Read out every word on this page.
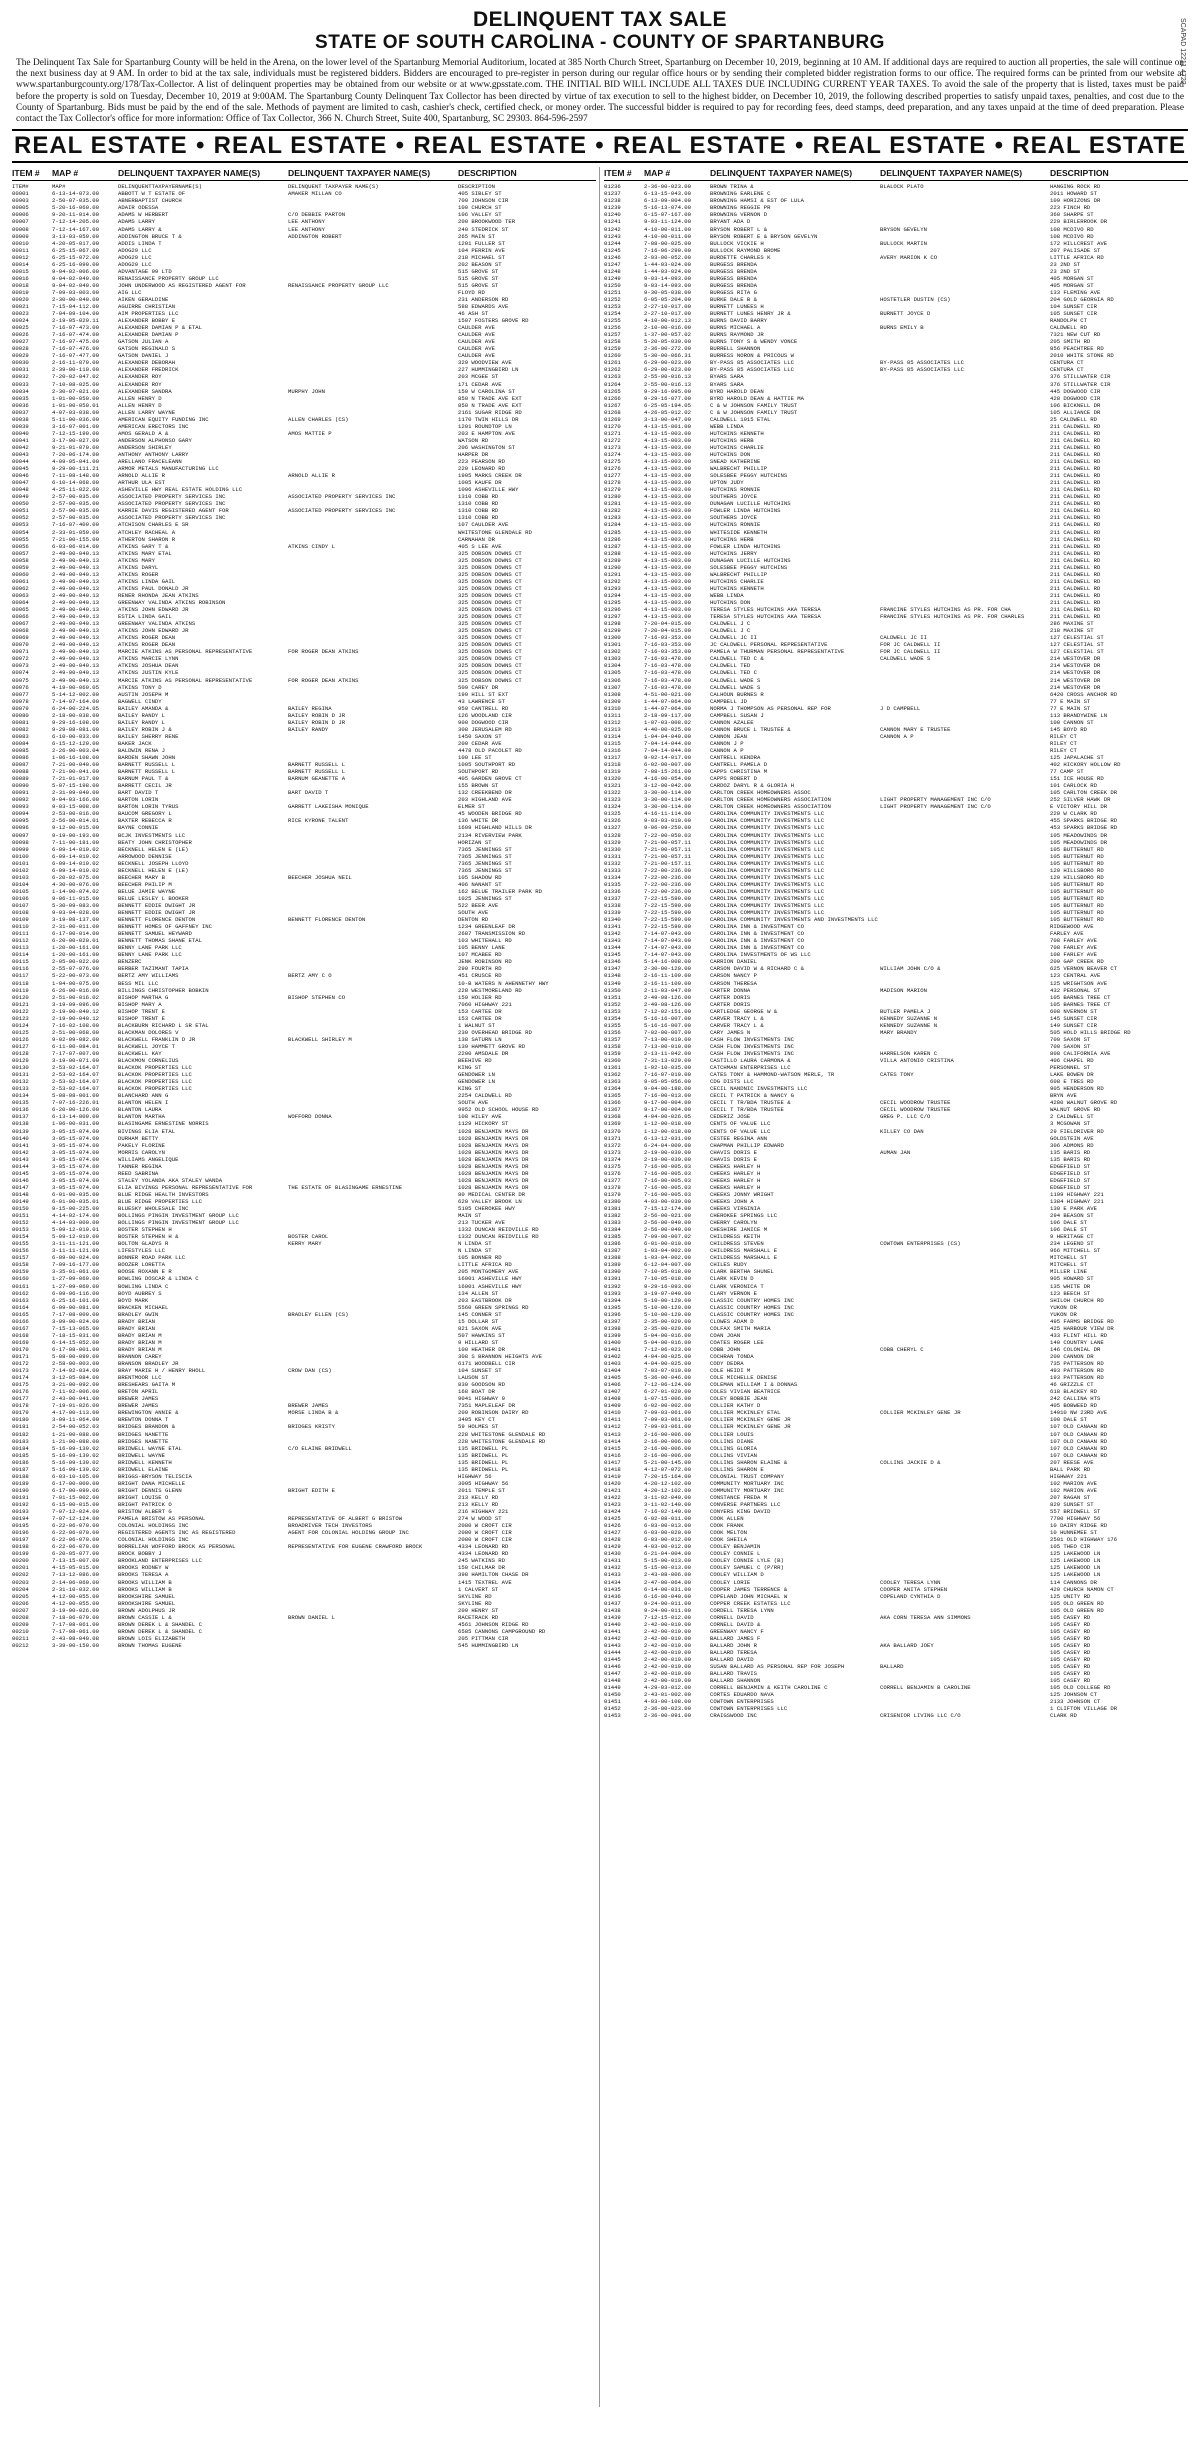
SCAPAD 12211 4722
DELINQUENT TAX SALE
STATE OF SOUTH CAROLINA - COUNTY OF SPARTANBURG

The Delinquent Tax Sale for Spartanburg County will be held in the Arena, on the lower level of the Spartanburg Memorial Auditorium, located at 385 North Church Street, Spartanburg on December 10, 2019, beginning at 10 AM. If additional days are required to auction all properties, the sale will continue on the next business day at 9 AM. In order to bid at the tax sale, individuals must be registered bidders. Bidders are encouraged to pre-register in person during our regular office hours or by sending their completed bidder registration forms to our office. The required forms can be printed from our website at www.spartanburgcounty.org/178/Tax-Collector. A list of delinquent properties may be obtained from our website or at www.gpsstate.com. THE INITIAL BID WILL INCLUDE ALL TAXES DUE INCLUDING CURRENT YEAR TAXES. To avoid the sale of the property that is listed, taxes must be paid before the property is sold on Tuesday, December 10, 2019 at 9:00AM. The Spartanburg County Delinquent Tax Collector has been directed by virtue of tax execution to sell to the highest bidder, on December 10, 2019, the following described properties to satisfy unpaid taxes, penalties, and cost due to the County of Spartanburg. Bids must be paid by the end of the sale. Methods of payment are limited to cash, cashier's check, certified check, or money order. The successful bidder is required to pay for recording fees, deed stamps, deed preparation, and any taxes unpaid at the time of deed preparation. Please contact the Tax Collector's office for more information: Office of Tax Collector, 366 N. Church Street, Suite 400, Spartanburg, SC 29303. 864-596-2597

REAL ESTATE • REAL ESTATE • REAL ESTATE • REAL ESTATE • REAL ESTATE • REAL ESTATE
ITEM #	MAP #	DELINQUENT TAXPAYER NAME(S)	DELINQUENT TAXPAYER NAME(S)	DESCRIPTION
ITEM#	MAP#	DELINQUENTTAXPAYERNAME(S)	DELINQUENT TAXPAYER NAME(S)	DESCRIPTION
00001	6-13-14-073.00	ABBOTT W T ESTATE OF	AMAKER MILLAN CO	405 SIBLEY ST
00003	2-50-07-035.00	ABNERBAPTIST CHURCH	700 JOHNSON CIR
00005	5-20-16-060.00	ADAIR ODESSA	100 CHURCH ST
00006	9-20-11-014.00	ADAMS W HERBERT	C/O DEBBIE PARTON	106 VALLEY ST
00007	7-12-14-205.00	ADAMS LARRY	LEE ANTHONY	200 BROOKWOOD TER
00008	7-12-14-167.00	ADAMS LARRY &	LEE ANTHONY	240 STEDRICK ST
00009	3-13-03-059.00	ADDINGTON BRUCE T &	ADDINGTON ROBERT	265 MAIN ST
00010	4-20-05-017.00	ADDIS LINDA T	1201 FULLER ST
00011	6-25-15-067.00	ADOG29 LLC	104 PERRIN AVE
00012	6-25-15-072.00	ADOG29 LLC	218 MICHAEL ST
00014	6-25-16-099.00	ADOG29 LLC	202 BEASON ST
00015	9-04-02-006.00	ADVANTAGE 99 LTD	515 GROVE ST
00016	9-04-02-049.00	RENAISSANCE PROPERTY GROUP LLC	515 GROVE ST
00018	9-04-02-049.00	JOHN UNDERWOOD AS REGISTERED AGENT FOR	RENAISSANCE PROPERTY GROUP LLC	515 GROVE ST
00019	7-09-03-003.00	AIG LLC	FLOYD RD
00020	2-30-00-040.00	AIKEN GERALDINE	231 ANDERSON RD
00021	7-15-04-112.00	AGUIRRE CHRISTIAN	588 EDWARDS AVE
00023	7-04-09-104.00	AIM PROPERTIES LLC	46 ASH ST
00024	2-19-05-029.11	ALEXANDER BOBBY E	1507 FOSTERS GROVE RD
00025	7-16-07-473.00	ALEXANDER DAMIAN P & ETAL	CAULDER AVE
00026	7-16-07-474.00	ALEXANDER DAMIAN P	CAULDER AVE
00027	7-16-07-475.00	GATSON JULIAN A	CAULDER AVE
00028	7-16-07-476.00	GATSON REGINALD S	CAULDER AVE
00029	7-16-07-477.00	GATSON DANIEL J	CAULDER AVE
00030	2-16-11-079.00	ALEXANDER DEBORAH	329 WOODVIEW AVE
00031	2-39-00-110.00	ALEXANDER FREDRICK	227 HUMMINGBIRD LN
00032	7-20-02-047.02	ALEXANDER ROY	203 MCGEE ST
00033	7-10-08-025.00	ALEXANDER ROY	171 CEDAR AVE
00034	2-30-07-021.00	ALEXANDER SANDRA	MURPHY JOHN	150 W CAROLINA ST
00035	1-01-00-050.00	ALLEN HENRY D	850 N TRADE AVE EXT
00036	1-01-00-050.01	ALLEN HENRY D	850 N TRADE AVE EXT
00037	4-07-03-038.00	ALLEN LARRY WAYNE	2161 SUGAR RIDGE RD
00038	5-11-00-036.00	AMERICAN EQUITY FUNDING INC	ALLEN CHARLES (CS)	1170 TWIN HILLS DR
00039	3-16-07-001.00	AMERICAN ERECTORS INC	1201 ROUNDTOP LN
00040	7-12-15-199.00	AMOS GERALD A &	AMOS MATTIE P	203 E HAMPTON AVE
00041	3-17-00-027.00	ANDERSON ALPHONSO GARY	WATSON RD
00042	9-21-01-070.00	ANDERSON SHIRLEY	206 WASHINGTON ST
00043	7-20-06-174.00	ANTHONY ANTHONY LARRY	HARPER DR
00044	4-09-05-041.00	ARELLANO FRACELEANN	223 PEARSON RD
00045	9-29-00-111.21	ARMOR METALS MANUFACTURING LLC	220 LEONARD RD
00046	7-11-08-148.00	ARNOLD ALLIE R	ARNOLD ALLIE R	1905 MARKS CREEK DR
00047	6-10-14-068.00	ARTHUR ULA EST	1005 KAUFE DR
00048	4-25-11-022.00	ASHEVILLE HWY REAL ESTATE HOLDING LLC	1006 ASHEVILLE HWY
00049	2-57-00-035.00	ASSOCIATED PROPERTY SERVICES INC	ASSOCIATED PROPERTY SERVICES INC	1310 COBB RD
00050	2-57-00-035.00	ASSOCIATED PROPERTY SERVICES INC	1310 COBB RD
00051	2-57-00-035.00	KARRIE DAVIS REGISTERED AGENT FOR	ASSOCIATED PROPERTY SERVICES INC	1310 COBB RD
00052	2-57-00-035.00	ASSOCIATED PROPERTY SERVICES INC	1310 COBB RD
00053	7-16-07-409.00	ATCHISON CHARLES E SR	107 CAULDER AVE
00054	2-33-01-059.00	ATCHLEY RACHEAL A	WHITESTONE GLENDALE RD
00055	7-21-00-155.00	ATHERTON SHARON R	CARNAHAN DR
00056	6-03-06-014.00	ATKINS GARY T &	ATKINS CINDY L	405 S LEE AVE
00057	2-49-00-040.13	ATKINS MARY ETAL	325 DOBSON DOWNS CT
00058	2-49-00-040.13	ATKINS MARY	325 DOBSON DOWNS CT
00059	2-49-00-040.13	ATKINS DARYL	325 DOBSON DOWNS CT
00060	2-49-00-040.13	ATKINS ROGER	325 DOBSON DOWNS CT
00061	2-49-00-040.13	ATKINS LINDA GAIL	325 DOBSON DOWNS CT
00062	2-49-00-040.13	ATKINS PAUL DONALD JR	325 DOBSON DOWNS CT
00063	2-49-00-040.13	RENER RHONDA JEAN ATKINS	325 DOBSON DOWNS CT
00064	2-49-00-040.13	GREENWAY VALINDA ATKINS ROBINSON	325 DOBSON DOWNS CT
00065	2-49-00-040.13	ATKINS JOHN EDWARD JR	325 DOBSON DOWNS CT
00066	2-49-00-040.13	ESTIA LINDA GAIL	325 DOBSON DOWNS CT
00067	2-49-00-040.13	GREENWAY VALINDA ATKINS	325 DOBSON DOWNS CT
00068	2-49-00-040.13	ATKINS JOHN EDWARD JR	325 DOBSON DOWNS CT
00069	2-49-00-040.13	ATKINS ROGER DEAN	325 DOBSON DOWNS CT
00070	2-49-00-040.13	ATKINS ROGER DEAN	325 DOBSON DOWNS CT
00071	2-49-00-040.13	MARCIE ATKINS AS PERSONAL REPRESENTATIVE	FOR ROGER DEAN ATKINS	325 DOBSON DOWNS CT
00072	2-49-00-040.13	ATKINS MARCIE LYNN	325 DOBSON DOWNS CT
00073	2-49-00-040.13	ATKINS JOSHUA DEAN	325 DOBSON DOWNS CT
00074	2-49-00-040.13	ATKINS JUSTIN KYLE	325 DOBSON DOWNS CT
00075	2-49-00-040.13	MARCIE ATKINS AS PERSONAL REPRESENTATIVE	FOR ROGER DEAN ATKINS	325 DOBSON DOWNS CT
00076	4-19-00-069.05	ATKINS TONY D	509 CAREY DR
00077	5-14-12-002.00	AUSTIN JOSEPH M	199 HILL ST EXT
00078	7-14-07-164.00	BAGWELL CINDY	43 LAWRENCE ST
00079	6-24-00-224.05	BAILEY AMANDA &	BAILEY REGINA	950 CANTRELL RD
00080	2-18-00-038.00	BAILEY RANDY L	BAILEY ROBIN D JR	126 WOODLAND CIR
00081	9-29-16-108.00	BAILEY RANDY L	BAILEY ROBIN D JR	900 DOGWOOD CIR
00082	9-29-08-081.00	BAILEY ROBIN J &	BAILEY RANDY	308 JERUSALEM RD
00083	6-10-00-033.00	BAILEY SHERRY RENE	1450 SAXON ST
00084	6-15-12-129.00	BAKER JACK	200 CEDAR AVE
00085	2-26-00-003.04	BALDWIN RENA J	4478 OLD PACOLET RD
00086	1-06-16-108.00	BARDEN SHAWN JOHN	100 LEE ST
00087	7-21-00-040.00	BARNETT RUSSELL L	BARNETT RUSSELL L	1005 SOUTHPORT RD
00088	7-21-00-041.00	BARNETT RUSSELL L	BARNETT RUSSELL L	SOUTHPORT RD
00089	7-21-01-017.00	BARNUM PAUL T &	BARNUM GEANETTE A	405 GARDEN GROVE CT
00090	5-07-15-198.00	BARRETT CECIL JR	155 BROWN ST
00091	2-31-09-040.00	BART DAVID T	BART DAVID T	132 CREEKBEND DR
00092	9-04-03-166.00	BARTON LORIN	203 HIGHLAND AVE
00093	9-03-15-008.00	BARTON LORIN TYRUS	GARRETT LAKEISHA MONIQUE	ELMER ST
00094	2-53-00-016.00	BAUCOM GREGORY L	45 WOODEN BRIDGE RD
00095	2-56-00-014.01	BAXTER REBECCA R	RICE KYRONE TALENT	136 WHITE DR
00096	9-12-00-015.00	BAYNE CONNIE	1609 HIGHLAND HILLS DR
00097	9-19-00-193.00	BCJK INVESTMENTS LLC	2134 RIVERVIEW PARK
00098	7-11-00-181.00	BEATY JOHN CHRISTOPHER	HORIZAN ST
00099	6-09-14-019.02	BECKNELL HELEN E (LE)	7365 JENNINGS ST
00100	6-09-14-019.02	ARROWOOD DENNISE	7365 JENNINGS ST
00101	6-09-14-019.02	BECKNELL JOSEPH LLOYD	7365 JENNINGS ST
00102	6-09-14-019.02	BECKNELL HELEN E (LE)	7365 JENNINGS ST
00103	6-20-02-075.00	BEECHER MARY B	BEECHER JOSHUA NEIL	105 SHADOW RD
00104	4-30-00-076.00	BEECHER PHILIP M	406 NANANT ST
00105	1-14-00-074.02	BELUE JAMIE WAYNE	162 BELUE TRAILER PARK RD
00106	9-06-11-015.00	BELUE LESLEY L BOOKER	1025 JENNINGS ST
00107	5-30-09-083.00	BENNETT EDDIE DWIGHT JR	522 BEER AVE
00108	9-03-04-028.00	BENNETT EDDIE DWIGHT JR	SOUTH AVE
00109	3-19-08-137.00	BENNETT FLORENCE DENTON	BENNETT FLORENCE DENTON	DENTON RD
00110	2-31-00-011.00	BENNETT HOMES OF GAFFNEY INC	1234 GREENLEAF DR
00111	6-17-00-014.00	BENNETT SAMUEL HEYWARD	2687 TRANSMISSION RD
00112	6-20-00-020.01	BENNETT THOMAS SHANE ETAL	103 WHITEHALL RD
00113	1-20-00-161.00	BENNY LANE PARK LLC	105 BENNY LANE
00114	1-20-00-161.00	BENNY LANE PARK LLC	107 MCABEE RD
00115	2-05-00-022.00	BENZERC	JENK ROBINSON RD
00116	2-55-07-076.00	BERBER TAZIMANT TAPIA	290 FOURTH RD
00117	5-22-00-073.00	BERTZ AMY WILLIAMS	BERTZ AMY C O	451 CRUSCE RD
00118	1-04-00-075.00	BESS MIL LLC	10-B WATERS N AHENNETHY HWY
00119	6-26-00-016.00	BILLINGS CHRISTOPHER BOBKIN	228 WESTMORELAND RD
00120	2-51-00-016.02	BISHOP MARTHA G	BISHOP STEPHEN CO	159 HOLIER RD
00121	3-19-09-096.00	BISHOP MARY A	7060 HIGHWAY 221
00122	2-19-00-040.12	BISHOP TRENT E	153 CARTEE DR
00123	2-19-00-040.12	BISHOP TRENT E	153 CARTEE DR
00124	7-16-02-108.00	BLACKBURN RICHARD L SR ETAL	1 WALNUT ST
00125	2-51-00-068.00	BLACKMAN DOLORES V	230 OVERHEAD BRIDGE RD
00126	9-02-09-082.00	BLACKWELL FRANKLIN D JR	BLACKWELL SHIRLEY M	138 SATURN LN
00127	6-11-00-084.01	BLACKWELL JOYCE T	139 HAMMETT GROVE RD
00128	7-17-07-007.00	BLACKWELL KAY	2200 AMSDALE DR
00129	3-19-00-071.00	BLACKMON CORNELIUS	BEEHIVE RD
00130	2-53-02-164.07	BLACKOK PROPERTIES LLC	KING ST
00131	2-53-02-164.07	BLACKOK PROPERTIES LLC	GENDOWER LN
00132	2-53-02-164.07	BLACKOK PROPERTIES LLC	GENDOWER LN
00133	2-53-02-164.07	BLACKOK PROPERTIES LLC	KING ST
00134	5-08-08-001.00	BLANCHARD ANN G	2254 CALDWELL RD
00135	7-07-16-226.01	BLANTON HELEN I	SOUTH AVE
00136	6-20-00-126.00	BLANTON LAURA	9952 OLD SCHOOL HOUSE RD
00137	6-13-14-009.00	BLANTON MARTHA	WOFFORD DONNA	108 HILEY AVE
00138	1-06-00-031.00	BLASINGAME ERNESTINE NORRIS	1129 HICKORY ST
00139	3-05-15-074.00	BIVINGS ELIA ETAL	1028 BENJAMIN MAYS DR
00140	3-05-15-074.00	DURHAM BETTY	1028 BENJAMIN MAYS DR
00141	3-05-15-074.00	PAKELY FLORINE	1028 BENJAMIN MAYS DR
00142	3-05-15-074.00	MORRIS CAROLYN	1028 BENJAMIN MAYS DR
00143	3-05-15-074.00	WILLIAMS ANGELIQUE	1028 BENJAMIN MAYS DR
00144	3-05-15-074.00	TANNER REGINA	1028 BENJAMIN MAYS DR
00145	3-05-15-074.00	REED SABRINA	1028 BENJAMIN MAYS DR
00146	3-05-15-074.00	STALEY YOLANDA AKA STALEY WANDA	1028 BENJAMIN MAYS DR
00147	3-05-15-074.00	ELIA BIVINGS PERSONAL REPRESENTATIVE FOR	THE ESTATE OF BLASINGAME ERNESTINE	1028 BENJAMIN MAYS DR
00148	6-01-00-035.00	BLUE RIDGE HEALTH INVESTORS	80 MEDICAL CENTER DR
00149	6-01-00-035.01	BLUE RIDGE PROPERTIES LLC	620 VALLEY BROOK LN
00150	9-15-00-225.00	BLUESKY WHOLESALE INC	5105 CHEROKEE HWY
00151	4-14-02-174.00	BOLLINGS PINGIN INVESTMENT GROUP LLC	MAIN ST
00152	4-14-03-000.00	BOLLINGS PINGIN INVESTMENT GROUP LLC	213 TUCKER AVE
00153	5-09-12-019.01	BOSTER STEPHEN H	1332 DUNCAN REIDVILLE RD
00154	5-09-12-019.00	BOSTER STEPHEN H &	BOSTER CAROL	1332 DUNCAN REIDVILLE RD
00155	3-11-11-121.00	BOLTON GLADYS R	KERRY MARY	N LINDA ST
00156	3-11-11-121.00	LIFESTYLES LLC	N LINDA ST
00157	6-09-00-024.00	BONNER ROAD PARK LLC	105 BONNER RD
00158	7-09-16-177.00	BOOZER LORETTA	LITTLE AFRICA RD
00159	3-35-01-061.00	BOOSE ROXANN E R	205 MONTGOMERY AVE
00160	1-27-09-069.00	BOWLING DOSCAR & LINDA C	16001 ASHEVILLE HWY
00161	1-27-09-069.00	BOWLING LINDA C	16001 ASHEVILLE HWY
00162	6-09-06-116.00	BOYD AUBREY S	134 ALLEN ST
00163	6-25-16-101.00	BOYD MARK	203 EASTBROOK DR
00164	6-09-00-081.00	BRACKEN MICHAEL	5560 GREEN SPRINGS RD
00165	7-17-08-009.00	BRADLEY GWIN	BRADLEY ELLEN (CS)	145 CONNER ST
00166	3-09-00-024.00	BRADY BRIAN	15 DOLLAR ST
00167	7-15-13-065.00	BRADY BRIAN	821 SAXON AVE
00168	7-18-15-031.00	BRADY BRIAN M	507 HAWKINS ST
00169	6-14-15-052.00	BRADY BRIAN M	9 HILLARD ST
00170	6-17-08-001.00	BRADY BRIAN M	100 HEATHER DR
00171	5-08-00-099.00	BRANNON CAREY	308 S BRANNON HEIGHTS AVE
00172	2-58-00-003.00	BRANSON BRADLEY JR	6171 WOODBELL CIR
00173	7-14-02-034.00	BRAY MARIE H / HENRY RHOLL	CROW DAN (CS)	104 SUNSET ST
00174	3-12-05-084.00	BRENTMOOR LLC	LAUSON ST
00175	3-21-00-092.00	BRESHEARS GAITA M	830 GOODSON RD
00176	7-11-02-006.00	BRETON APRIL	168 BOAT DR
00177	2-43-00-041.00	BREWER JAMES	9041 HIGHWAY 9
00178	7-19-01-026.00	BREWER JAMES	BREWER JAMES	7351 MAPLELEAF DR
00179	4-17-00-113.00	BREWINGTON ANNIE &	MORSE LINDA B &	209 ROBINSON DAIRY RD
00180	3-09-11-064.00	BREWTON DONNA T	3405 KEY CT
00181	2-54-00-052.03	BRIDGES BRANDON &	BRIDGES KRISTY	59 HOLMES ST
00182	1-21-00-088.00	BRIDGES NANETTE	228 WHITESTONE GLENDALE RD
00183	1-21-00-088.00	BRIDGES NANETTE	228 WHITESTONE GLENDALE RD
00184	5-16-09-139.02	BRIDWELL WAYNE ETAL	C/O ELAINE BRIDWELL	135 BRIDWELL PL
00185	5-16-09-139.02	BRIDWELL WAYNE	135 BRIDWELL PL
00186	5-16-09-139.02	BRIDWELL KENNETH	135 BRIDWELL PL
00187	5-16-09-139.02	BRIDWELL ELAINE	135 BRIDWELL PL
00188	6-03-10-105.00	BRIGGS-BRYSON TELISCIA	HIGHWAY 56
00189	6-17-00-009.00	BRIGHT DANA MICHELLE	3095 HIGHWAY 56
00190	6-17-00-099.06	BRIGHT DENNIS GLENN	BRIGHT EDITH E	2011 TEMPLE ST
00191	7-01-15-002.00	BRIGHT LOUISE O	213 KELLY RD
00192	6-15-00-015.00	BRIGHT PATRICK O	213 KELLY RD
00193	7-07-12-024.00	BRISTOW ALBERT G	216 HIGHWAY 221
00194	7-07-12-124.00	PAMELA BRISTOW AS PERSONAL	REPRESENTATIVE OF ALBERT G BRISTOW	274 W WOOD ST
00195	6-22-06-070.00	COLONIAL HOLDINGS INC	BROADRIVER TECH INVESTORS	2080 W CROFT CIR
00196	6-22-06-070.00	REGISTERED AGENTS INC AS REGISTERED	AGENT FOR COLONIAL HOLDING GROUP INC	2080 W CROFT CIR
00197	6-22-06-070.00	COLONIAL HOLDINGS INC	2080 W CROFT CIR
00198	6-22-06-070.00	BORRELIAN WOFFORD BROCK AS PERSONAL	REPRESENTATIVE FOR EUGENE CRAWFORD BROCK	4334 LEONARD RD
00199	6-20-05-077.00	BROCK BOBBY J	4334 LEONARD RD
00200	7-13-15-007.00	BROOKLAND ENTERPRISES LLC	245 WATKINS RD
00201	4-15-05-015.00	BROOKS RODNEY W	150 CHILMAR DR
00202	7-13-12-086.00	BROOKS TERESA A	398 HAMILTON CHASE DR
00203	2-14-06-060.00	BROOKS WILLIAM B	1415 TEXTREL AVE
00204	2-31-10-032.00	BROOKS WILLIAM B	1 CALVERT ST
00205	4-12-00-055.00	BROOKSHIRE SAMUEL	SKYLINE RD
00206	4-12-00-055.00	BROOKSHIRE SAMUEL	SKYLINE RD
00207	3-19-00-026.00	BROWN ADOLPHUS JR	209 HENRY ST
00208	7-18-06-079.00	BROWN CASSIE L &	BROWN DANIEL L	RACETRACK RD
00209	7-17-08-061.00	BROWN DEREK L & SHANDEL C	4561 JOHNSON RIDGE RD
00210	7-17-08-061.00	BROWN DEREK L & SHANDEL C	6585 CANNONS CAMPGROUND RD
00211	2-43-08-040.08	BROWN LOIS ELIZABETH	205 PITTMAN CIR
00212	3-39-00-150.00	BROWN THOMAS EUGENE	545 HUMMINGBIRD LN
ITEM #	MAP #	DELINQUENT TAXPAYER NAME(S)	DELINQUENT TAXPAYER NAME(S)	DESCRIPTION
01236	2-36-00-023.00	BROWN TRINA &	BLALOCK PLATO	HANGING ROCK RD
01237	6-13-15-043.00	BROWNING EARLENE C	2011 HOWARD ST
01238	6-13-09-004.00	BROWNING HAMSI & EST OF LULA	109 HORIZONS DR
01239	5-16-13-074.00	BROWNING REGGIE PR	223 FINCH RD
01240	6-15-07-167.00	BROWNING VERNON D	360 SHARPE ST
01241	9-03-11-124.00	BRYANT ADA D	229 BIRLERROOK DR
01242	4-10-00-011.00	BRYSON ROBERT L &	BRYSON GEVELYN	108 MCDIVO RD
01243	4-10-00-011.00	BRYSON ROBERT E & BRYSON GEVELYN	108 MCDIVO RD
01244	7-08-00-025.00	BULLOCK VICKIE H	BULLOCK MARTIN	172 HILLCREST AVE
01245	7-16-06-290.00	BULLOCK RAYMOND BROME	207 PALISADE ST
01246	2-93-00-052.00	BURDETTE CHARLES K	AVERY MARION K CO	LITTLE AFRICA RD
01247	1-44-03-024.00	BURGESS BRENDA	23 2ND ST
01248	1-44-03-024.00	BURGESS BRENDA	23 2ND ST
01249	9-03-14-093.00	BURGESS BRENDA	405 MORGAN ST
01250	9-03-14-093.00	BURGESS BRENDA	405 MORGAN ST
01251	9-30-05-038.00	BURGESS RITA G	133 FLEMING AVE
01252	6-05-05-204.00	BURKE DALE B &	HOSTETLER DUSTIN (CS)	204 GOLD GEORGIA RD
01253	2-27-10-017.00	BURNETT LUNEES H	104 SUNSET CIR
01254	2-27-10-017.00	BURNETT LUNES HENRY JR &	BURNETT JOYCE D	105 SUNSET CIR
01255	4-10-00-012.13	BURNS DAVID BARRY	RANDOLPH CT
01256	2-10-00-016.00	BURNS MICHAEL A	BURNS EMILY B	CALDWELL RD
01257	1-37-00-057.02	BURNS RAYMOND JR	7321 NEW CUT RD
01258	5-20-05-030.00	BURNS TONY S & WENDY VONCE	205 SMITH RD
01259	2-36-00-272.00	BURRELL SHANNON	856 PEACHTREE RD
01260	5-30-00-066.31	BURRESS NORON & PRICOUS W	2010 WHITE STONE RD
01261	6-29-00-023.00	BY-PASS 85 ASSOCIATES LLC	BY-PASS 85 ASSOCIATES LLC	CENTURA CT
01262	6-29-00-023.00	BY-PASS 85 ASSOCIATES LLC	BY-PASS 85 ASSOCIATES LLC	CENTURA CT
01263	2-55-00-016.13	BYARS SARA	376 STILLWATER CIR
01264	2-55-00-016.13	BYARS SARA	376 STILLWATER CIR
01265	9-29-16-095.00	BYRD HAROLD DEAN	445 DOGWOOD CIR
01266	9-29-16-077.00	BYRD HAROLD DEAN & HATTIE MA	428 DOGWOOD CIR
01267	6-25-05-194.05	C & W JOHNSON FAMILY TRUST	106 BICKNELL DR
01268	4-26-05-012.02	C & W JOHNSON FAMILY TRUST	105 ALLIANCE DR
01269	3-13-00-047.00	CALDWELL 1915 ETAL	25 CALDWELL RD
01270	4-13-15-001.00	WEBB LINDA	211 CALDWELL RD
01271	4-13-15-003.00	HUTCHINS KENNETH	211 CALDWELL RD
01272	4-13-15-003.00	HUTCHINS HERB	211 CALDWELL RD
01273	4-13-15-003.00	HUTCHINS CHARLIE	211 CALDWELL RD
01274	4-13-15-003.00	HUTCHINS DON	211 CALDWELL RD
01275	4-13-15-003.00	SNEAD KATHERINE	211 CALDWELL RD
01276	4-13-15-003.00	WALBRECHT PHILLIP	211 CALDWELL RD
01277	4-13-15-003.00	SOLESBEE PEGGY HUTCHINS	211 CALDWELL RD
01278	4-13-15-003.00	UPTON JUDY	211 CALDWELL RD
01279	4-13-15-003.00	HUTCHINS RONNIE	211 CALDWELL RD
01280	4-13-15-003.00	SOUTHERS JOYCE	211 CALDWELL RD
01281	4-13-15-003.00	DUNAGAN LUCILLE HUTCHINS	211 CALDWELL RD
01282	4-13-15-003.00	FOWLER LINDA HUTCHINS	211 CALDWELL RD
01283	4-13-15-003.00	SOUTHERS JOYCE	211 CALDWELL RD
01284	4-13-15-003.00	HUTCHINS RONNIE	211 CALDWELL RD
01285	4-13-15-003.00	WHITESIDE KENNETH	211 CALDWELL RD
01286	4-13-15-003.00	HUTCHINS HERB	211 CALDWELL RD
01287	4-13-15-003.00	FOWLER LINDA HUTCHINS	211 CALDWELL RD
01288	4-13-15-003.00	HUTCHINS JERRY	211 CALDWELL RD
01289	4-13-15-003.00	DUNAGAN LUCILLE HUTCHINS	211 CALDWELL RD
01290	4-13-15-003.00	SOLESBEE PEGGY HUTCHINS	211 CALDWELL RD
01291	4-13-15-003.00	WALBRECHT PHILLIP	211 CALDWELL RD
01292	4-13-15-003.00	HUTCHINS CHARLIE	211 CALDWELL RD
01293	4-13-15-003.00	HUTCHINS KENNETH	211 CALDWELL RD
01294	4-13-15-003.00	WEBB LINDA	211 CALDWELL RD
01295	4-13-15-003.00	HUTCHINS DON	211 CALDWELL RD
01296	4-13-15-003.00	TERESA STYLES HUTCHINS AKA TERESA	FRANCINE STYLES HUTCHINS AS PR. FOR CHA	211 CALDWELL RD
01297	4-13-15-003.00	TERESA STYLES HUTCHINS AKA TERESA	FRANCINE STYLES HUTCHINS AS PR. FOR CHARLES	211 CALDWELL RD
01298	7-20-04-015.00	CALDWELL J C	286 MAXINE ST
01299	7-20-04-015.00	CALDWELL J C	218 MAXINE ST
01300	7-16-03-353.00	CALDWELL JC II	CALDWELL JC II	127 CELESTIAL ST
01301	7-16-03-353.00	JC CALDWELL PERSONAL REPRESENTATIVE	FOR JC CALDWELL II	127 CELESTIAL ST
01302	7-16-03-353.00	PAMELA W THURMAN PERSONAL REPRESENTATIVE	FOR JC CALDWELL II	127 CELESTIAL ST
01303	7-16-03-478.00	CALDWELL TED C &	CALDWELL WADE S	214 WESTOVER DR
01304	7-16-03-478.00	CALDWELL TED	214 WESTOVER DR
01305	7-16-03-478.00	CALDWELL TED C	214 WESTOVER DR
01306	7-16-03-478.00	CALDWELL WADE S	214 WESTOVER DR
01307	7-16-03-478.00	CALDWELL WADE S	214 WESTOVER DR
01308	4-51-00-021.00	CALHOUN BURNES R	6420 CROSS ANCHOR RD
01309	1-44-07-064.00	CAMPBELL JD	77 E MAIN ST
01310	1-44-07-064.00	NORMA J THOMPSON AS PERSONAL REP FOR	J D CAMPBELL	77 E MAIN ST
01311	2-18-09-117.00	CAMPBELL SUSAN J	113 BRANDYWINE LN
01312	1-07-03-008.02	CANNON AZALEE	100 CANNON ST
01313	4-40-00-025.00	CANNON BRUCE L TRUSTEE &	CANNON MARY E TRUSTEE	145 BOYD RD
01314	1-04-04-049.00	CANNON JEAN	CANNON A P	RILEY CT
01315	7-04-14-044.00	CANNON J P	RILEY CT
01316	7-04-14-044.00	CANNON A P	RILEY CT
01317	9-02-14-017.00	CANTRELL KENDRA	125 JAPALACHE ST
01318	6-02-00-007.00	CANTRELL PAMELA D	402 HICKORY HOLLOW RD
01319	7-08-15-261.00	CAPPS CHRISTINA M	77 CAMP ST
01320	4-16-00-054.00	CAPPS ROBERT D	151 ICE HOUSE RD
01321	3-12-00-042.09	CARDOZ DARYL R & GLORIA H	101 CARLOCK RD
01322	3-30-00-114.00	CARLTON CREEK HOMEOWNERS ASSOC	105 CARLTON CREEK DR
01323	3-30-00-114.00	CARLTON CREEK HOMEOWNERS ASSOCIATION	LIGHT PROPERTY MANAGEMENT INC C/O	252 SILVER HAWK DR
01324	3-30-00-114.00	CARLTON CREEK HOMEOWNERS ASSOCIATION	LIGHT PROPERTY MANAGEMENT INC C/O	E VICTORY HILL DR
01325	4-16-11-114.00	CAROLINA COMMUNITY INVESTMENTS LLC	220 W CLARK RD
01326	9-03-03-010.00	CAROLINA COMMUNITY INVESTMENTS LLC	455 SPARKS BRIDGE RD
01327	9-06-09-259.00	CAROLINA COMMUNITY INVESTMENTS LLC	453 SPARKS BRIDGE RD
01328	7-22-00-050.03	CAROLINA COMMUNITY INVESTMENTS LLC	105 MEADOWINDS DR
01329	7-21-00-057.11	CAROLINA COMMUNITY INVESTMENTS LLC	105 MEADOWINDS DR
01330	7-21-00-057.11	CAROLINA COMMUNITY INVESTMENTS LLC	105 BUTTERNUT RD
01331	7-21-00-057.11	CAROLINA COMMUNITY INVESTMENTS LLC	105 BUTTERNUT RD
01332	7-21-00-157.11	CAROLINA COMMUNITY INVESTMENTS LLC	105 BUTTERNUT RD
01333	7-22-00-236.00	CAROLINA COMMUNITY INVESTMENTS LLC	120 HILLSBORO RD
01334	7-22-00-236.00	CAROLINA COMMUNITY INVESTMENTS LLC	120 HILLSBORO RD
01335	7-22-00-236.00	CAROLINA COMMUNITY INVESTMENTS LLC	105 BUTTERNUT RD
01336	7-22-00-236.00	CAROLINA COMMUNITY INVESTMENTS LLC	105 BUTTERNUT RD
01337	7-22-15-590.00	CAROLINA COMMUNITY INVESTMENTS LLC	105 BUTTERNUT RD
01338	7-22-15-590.00	CAROLINA COMMUNITY INVESTMENTS LLC	105 BUTTERNUT RD
01339	7-22-15-590.00	CAROLINA COMMUNITY INVESTMENTS LLC	105 BUTTERNUT RD
01340	7-22-15-590.00	CAROLINA COMMUNITY INVESTMENTS AND INVESTMENTS LLC	105 BUTTERNUT RD
01341	7-22-15-590.00	CAROLINA INN & INVESTMENT CO	RIDGEWOOD AVE
01342	7-14-07-043.00	CAROLINA INN & INVESTMENT CO	FARLEY AVE
01343	7-14-07-043.00	CAROLINA INN & INVESTMENT CO	708 FARLEY AVE
01344	7-14-07-043.00	CAROLINA INN & INVESTMENT CO	708 FARLEY AVE
01345	7-14-07-043.00	CAROLINA INVESTMENTS OF WS LLC	108 FARLEY AVE
01346	5-14-16-008.00	CARRION DANIEL	209 GAP CREEK RD
01347	2-30-00-120.00	CARSON DAVID W & RICHARD C &	WILLIAM JOHN C/O &	625 VERNON BEAVER CT
01348	2-16-11-109.00	CARSON NANCY P	123 CENTRAL AVE
01349	2-16-11-109.00	CARSON THERESA	125 WRIGHTSON AVE
01350	2-11-03-047.00	CARTER DONNA	MADISON MARION	432 PERSONAL ST
01351	2-49-08-126.00	CARTER DORIS	105 BARNES TREE CT
01352	2-49-08-126.00	CARTER DORIS	105 BARNES TREE CT
01353	7-12-02-151.00	CARTLEDGE GEORGE W &	BUTLER PAMELA J	608 NVERNON ST
01354	5-16-16-007.00	CARVER TRACY L &	KENNEDY SUZANNE N	145 SUNSET CIR
01355	5-16-16-007.00	CARVER TRACY L &	KENNEDY SUZANNE N	149 SUNSET CIR
01356	7-02-00-007.00	CARY JAMES N	MARY BRANDY	505 HOLD HILLS BRIDGE RD
01357	7-13-00-010.00	CASH FLOW INVESTMENTS INC	700 SAXON ST
01358	7-13-00-010.00	CASH FLOW INVESTMENTS INC	700 SAXON ST
01359	2-13-11-042.00	CASH FLOW INVESTMENTS INC	HARRELSON KAREN C	808 CALIFORNIA AVE
01360	7-31-13-029.00	CASTILLO LAURA CARMONA &	VILLA ANTONIO CRISTINA	406 CHAPEL RD
01361	1-02-10-035.00	CATCHMAN ENTERPRISES LLC	PERSONNEL ST
01362	7-16-07-010.00	CATES TONY & HAMMOND-WATSON MERLE, TR	CATES TONY	LAKE BOWEN DR
01363	9-05-05-056.00	CDG DISTS LLC	608 E TRES RD
01364	9-04-00-188.00	CECIL NANDNIC INVESTMENTS LLC	905 HENDERSON RD
01365	7-16-00-013.00	CECIL T PATRICK & NANCY G	BRYN AVE
01366	9-17-00-004.00	CECIL T TR/BDA TRUSTEE &	CECIL WOODROW TRUSTEE	4280 WALNUT GROVE RD
01367	9-17-00-004.00	CECIL T TR/BDA TRUSTEE	CECIL WOODROW TRUSTEE	WALNUT GROVE RD
01368	4-04-00-026.05	CEDERIZ JOSE	GREG P. LLC C/O	2 CALDWELL ST
01369	1-12-00-018.00	CENTS OF VALUE LLC	3 MCGOWAN ST
01370	1-12-00-018.00	CENTS OF VALUE LLC	KILLEY CO DAN	29 FIELDRIVER RD
01371	6-13-12-031.00	CESTEE REGINA ANN	GOLDSTEIN AVE
01372	6-24-04-009.00	CHAPMAN PHILLIP EDWARD	306 ADMONS RD
01373	2-19-00-039.00	CHAVIS DORIS E	AUMAN JAN	135 BARIS RD
01374	2-19-00-039.00	CHAVIS DORIS E	135 BARIS RD
01375	7-16-00-005.03	CHEEKS HARLEY H	EDGEFIELD ST
01376	7-16-00-005.03	CHEEKS HARLEY H	EDGEFIELD ST
01377	7-16-00-005.03	CHEEKS HARLEY H	EDGEFIELD ST
01378	7-16-00-005.03	CHEEKS HARLEY H	EDGEFIELD ST
01379	7-16-00-005.03	CHEEKS JONNY WRIGHT	1199 HIGHWAY 221
01380	4-03-00-039.00	CHEEKS JOHN A	1384 HIGHWAY 221
01381	7-15-12-174.00	CHEEKS VIRGINIA	130 E PARK AVE
01382	2-56-00-021.00	CHEROKEE SPRINGS LLC	294 BEASON ST
01383	2-56-00-040.00	CHERRY CAROLYN	106 DALE ST
01384	2-56-00-040.00	CHESHIRE JANICE M	106 DALE ST
01385	7-09-00-007.02	CHILDRESS KEITH	9 HERITAGE CT
01386	6-01-00-010.00	CHILDRESS STEVEN	COWTOWN ENTERPRISES (CS)	234 LEGEND ST
01387	1-03-04-002.00	CHILDRESS MARSHALL E	966 MITCHELL ST
01388	1-03-04-002.00	CHILDRESS MARSHALL E	MITCHELL ST
01389	6-12-04-007.00	CHILES RUDY	MITCHELL ST
01390	7-10-05-018.00	CLARK BERTHA SHUNEL	MILLER LINE
01391	7-10-05-018.00	CLARK KEVIN D	905 HOWARD ST
01392	9-29-16-093.00	CLARK VERONICA T	135 WHITE DR
01393	3-19-07-040.00	CLARY VERNON E	123 BEECH ST
01394	5-10-00-120.00	CLASSIC COUNTRY HOMES INC	SHILOH CHURCH RD
01395	5-10-00-120.00	CLASSIC COUNTRY HOMES INC	YUKON DR
01396	5-10-00-120.00	CLASSIC COUNTRY HOMES INC	YUKON DR
01397	2-35-00-029.00	CLOWES ADAM D	495 FARMS BRIDGE RD
01398	2-35-00-029.00	COLFAX SMITH MARIA	425 HARBOUR VIEW DR
01399	5-04-00-016.00	COAN JOAN	433 FLINT HILL RD
01400	5-04-00-016.00	COATES ROGER LEE	140 COUNTRY LANE
01401	7-12-06-023.00	COBB JOHN	COBB CHERYL C	146 COLONIAL DR
01402	4-04-00-025.00	COCHRAN TONDA	200 CANNON DR
01403	4-04-00-025.00	CODY DEDRA	735 PATTERSON RD
01404	7-03-07-010.00	COLE HEIDI M	493 PATTERSON RD
01405	5-36-00-046.00	COLE MICHELLE DENISE	193 PATTERSON RD
01406	7-12-06-124.00	COLEMAN WILLIAM I & DONNAS	46 GRIZZLE CT
01407	6-27-01-020.00	COLES VIVIAN BEATRICE	618 BLACKEY RD
01408	1-07-15-006.00	COLEY BOBBIE JEAN	242 CALLINA HTS
01409	6-02-00-002.00	COLLIER KATHY D	405 BOBWEED RD
01410	7-09-03-061.00	COLLIER MCKINLEY ETAL	COLLIER MCKINLEY GENE JR	14010 NW 23RD AVE
01411	7-09-03-061.00	COLLIER MCKINLEY GENE JR	100 DALE ST
01412	7-09-03-061.00	COLLIER MCKINLEY GENE JR	107 OLD CANAAN RD
01413	2-16-00-006.00	COLLIER LOUIS	107 OLD CANAAN RD
01414	2-16-00-006.00	COLLINS DIANE	107 OLD CANAAN RD
01415	2-16-00-006.00	COLLINS GLORIA	107 OLD CANAAN RD
01416	2-16-00-006.00	COLLINS VIVIAN	107 OLD CANAAN RD
01417	5-21-00-145.00	COLLINS SHARON ELAINE &	COLLINS JACKIE D &	207 REESE AVE
01418	4-12-07-072.00	COLLINS SHARON E	BALL PARK RD
01419	7-20-15-164.00	COLONIAL TRUST COMPANY	HIGHWAY 221
01420	4-20-12-102.00	COMMUNITY MORTUARY INC	102 MARION AVE
01421	4-20-12-102.00	COMMUNITY MORTUARY INC	102 MARION AVE
01422	3-11-02-040.00	CONSTANCE FREDA M	207 RAGAN ST
01423	3-11-02-140.00	CONVERSE PARTNERS LLC	820 SUNSET ST
01424	7-16-02-140.00	CONYERS KING DAVID	557 BRIDWELL ST
01425	6-02-08-011.00	COOK ALLEN	7700 HIGHWAY 56
01426	6-03-00-013.00	COOK FRANK	10 DAIRY RIDGE RD
01427	6-03-00-020.00	COOK MELTON	10 HUNNEMEE ST
01428	6-03-00-012.00	COOK SHEILA	2501 OLD HIGHWAY 176
01429	4-03-00-012.00	COOLEY BENJAMIN	105 THEO CIR
01430	6-21-04-004.00	COOLEY CONNIE L	125 LAKEWOOD LN
01431	5-15-00-013.00	COOLEY CONNIE LYLE (B)	125 LAKEWOOD LN
01432	5-15-00-013.00	COOLEY SAMUEL C (P/RR)	125 LAKEWOOD LN
01433	2-43-08-006.00	COOLEY WILLIAM D	125 LAKEWOOD LN
01434	2-47-00-064.00	COOLEY LORIE	COOLEY TERESA LYNN	114 CANNONS DR
01435	6-14-00-031.00	COOPER JAMES TERRENCE &	COOPER ANITA STEPHEN	420 CHURCH NAMON CT
01436	6-16-00-040.00	COPELAND JOHN MICHAEL W	COPELAND CYNTHIA D	125 UNITY RD
01437	9-24-00-011.00	COPPER CREEK ESTATES LLC	105 OLD GREEN RD
01438	9-24-00-011.00	CORDELL TERESA LYNN	105 OLD GREEN RD
01439	7-12-15-012.00	CORNELL DAVID	AKA CORN TERESA ANN SIMMONS	105 CASEY RD
01440	2-42-00-019.00	CORNELL DAVID &	105 CASEY RD
01441	2-42-00-019.00	GREENWAY NANCY F	105 CASEY RD
01442	2-42-00-019.00	BALLARD JAMES F	105 CASEY RD
01443	2-42-00-019.00	BALLARD JOHN R	AKA BALLARD JOEY	105 CASEY RD
01444	2-42-00-019.00	BALLARD TERESA	105 CASEY RD
01445	2-42-00-019.00	BALLARD DAVID	105 CASEY RD
01446	2-42-00-019.00	SUSAN BALLARD AS PERSONAL REP FOR JOSEPH	BALLARD	105 CASEY RD
01447	2-42-00-019.00	BALLARD TRAVIS	105 CASEY RD
01448	2-42-00-019.00	BALLARD SHANNON	105 CASEY RD
01449	4-29-03-012.00	CORRELL BENJAMIN & KEITH CAROLINE C	CORRELL BENJAMIN B CAROLINE	105 OLD COLLEGE RD
01450	2-43-01-002.00	CORTES EDUARDO NAVA	125 JOHNSON CT
01451	4-03-00-108.00	COWTOWN ENTERPRISES	2133 JOHNSON CT
01452	2-36-00-023.00	COWTOWN ENTERPRISES LLC	1 CLIFTON VILLAGE DR
01453	2-36-00-091.00	CRAIGSWOOD INC	CRISENIOR LIVING LLC C/O	CLARK RD
